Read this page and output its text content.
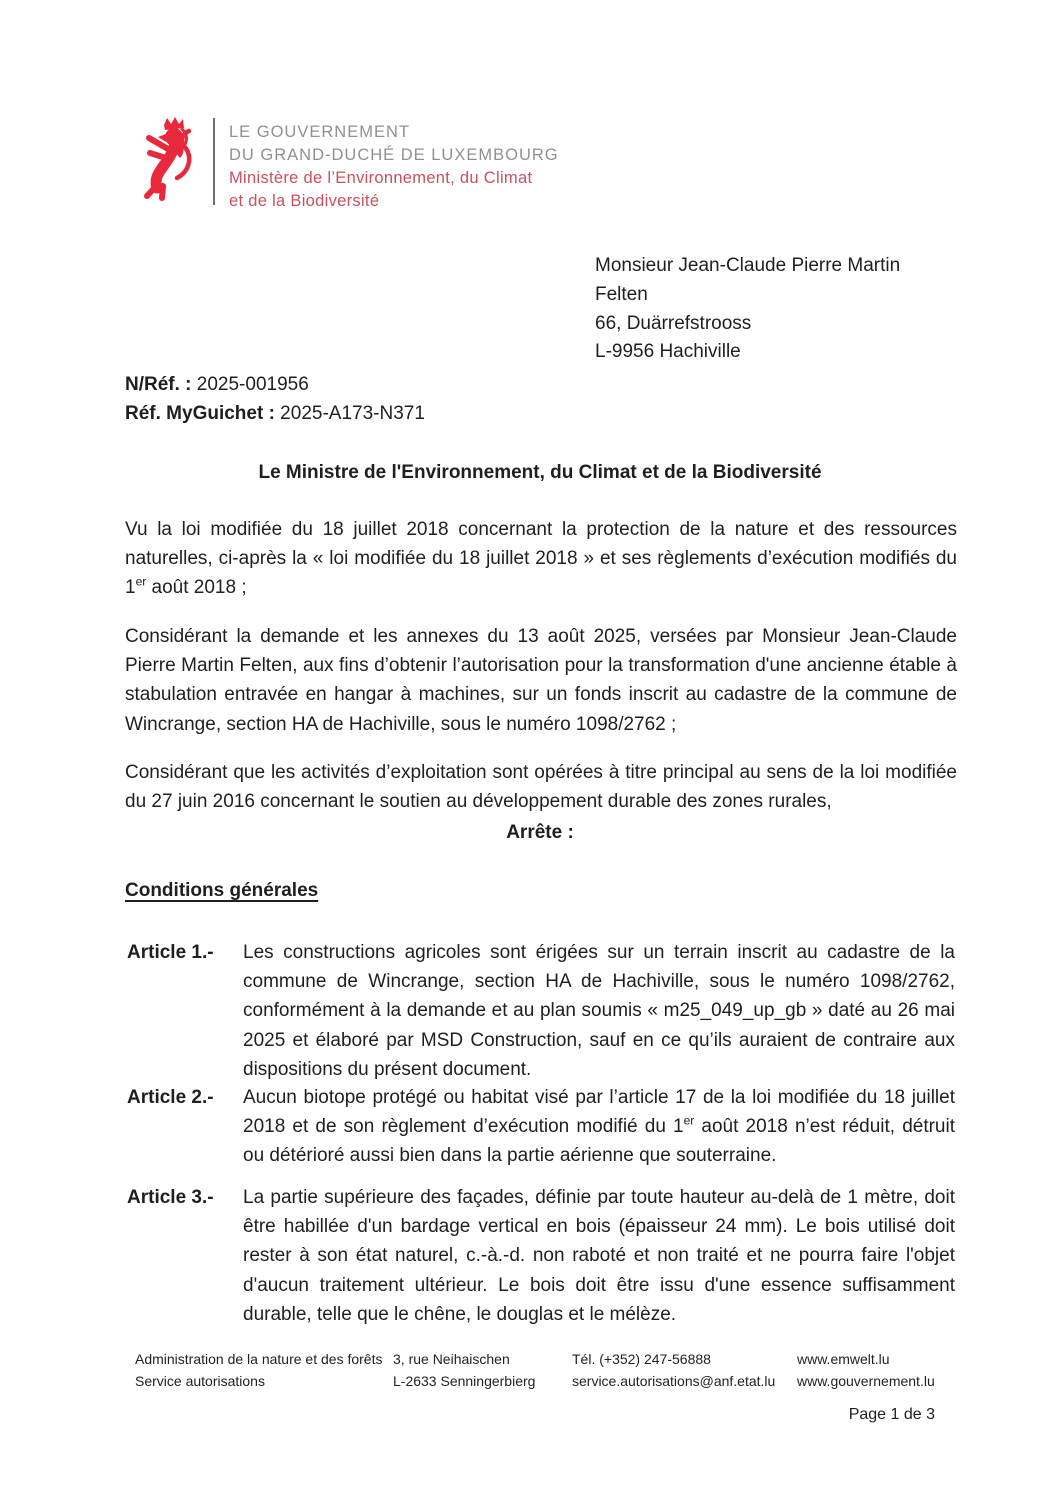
LE GOUVERNEMENT
DU GRAND-DUCHÉ DE LUXEMBOURG
Ministère de l’Environnement, du Climat
et de la Biodiversité
Monsieur Jean-Claude Pierre Martin
Felten
66, Duärrefstrooss
L-9956 Hachiville
N/Réf. : 2025-001956
Réf. MyGuichet : 2025-A173-N371
Le Ministre de l'Environnement, du Climat et de la Biodiversité
Vu la loi modifiée du 18 juillet 2018 concernant la protection de la nature et des ressources naturelles, ci-après la « loi modifiée du 18 juillet 2018 » et ses règlements d’exécution modifiés du 1er août 2018 ;
Considérant la demande et les annexes du 13 août 2025, versées par Monsieur Jean-Claude Pierre Martin Felten, aux fins d’obtenir l’autorisation pour la transformation d'une ancienne étable à stabulation entravée en hangar à machines, sur un fonds inscrit au cadastre de la commune de Wincrange, section HA de Hachiville, sous le numéro 1098/2762 ;
Considérant que les activités d’exploitation sont opérées à titre principal au sens de la loi modifiée du 27 juin 2016 concernant le soutien au développement durable des zones rurales,
Arrête :
Conditions générales
Article 1.-	Les constructions agricoles sont érigées sur un terrain inscrit au cadastre de la commune de Wincrange, section HA de Hachiville, sous le numéro 1098/2762, conformément à la demande et au plan soumis « m25_049_up_gb » daté au 26 mai 2025 et élaboré par MSD Construction, sauf en ce qu’ils auraient de contraire aux dispositions du présent document.
Article 2.-	Aucun biotope protégé ou habitat visé par l’article 17 de la loi modifiée du 18 juillet 2018 et de son règlement d’exécution modifié du 1er août 2018 n’est réduit, détruit ou détérioré aussi bien dans la partie aérienne que souterraine.
Article 3.-	La partie supérieure des façades, définie par toute hauteur au-delà de 1 mètre, doit être habillée d'un bardage vertical en bois (épaisseur 24 mm). Le bois utilisé doit rester à son état naturel, c.-à.-d. non raboté et non traité et ne pourra faire l'objet d'aucun traitement ultérieur. Le bois doit être issu d'une essence suffisamment durable, telle que le chêne, le douglas et le mélèze.
Administration de la nature et des forêts
Service autorisations
3, rue Neihaischen
L-2633 Senningerbierg
Tél. (+352) 247-56888
service.autorisations@anf.etat.lu
www.emwelt.lu
www.gouvernement.lu
Page 1 de 3
